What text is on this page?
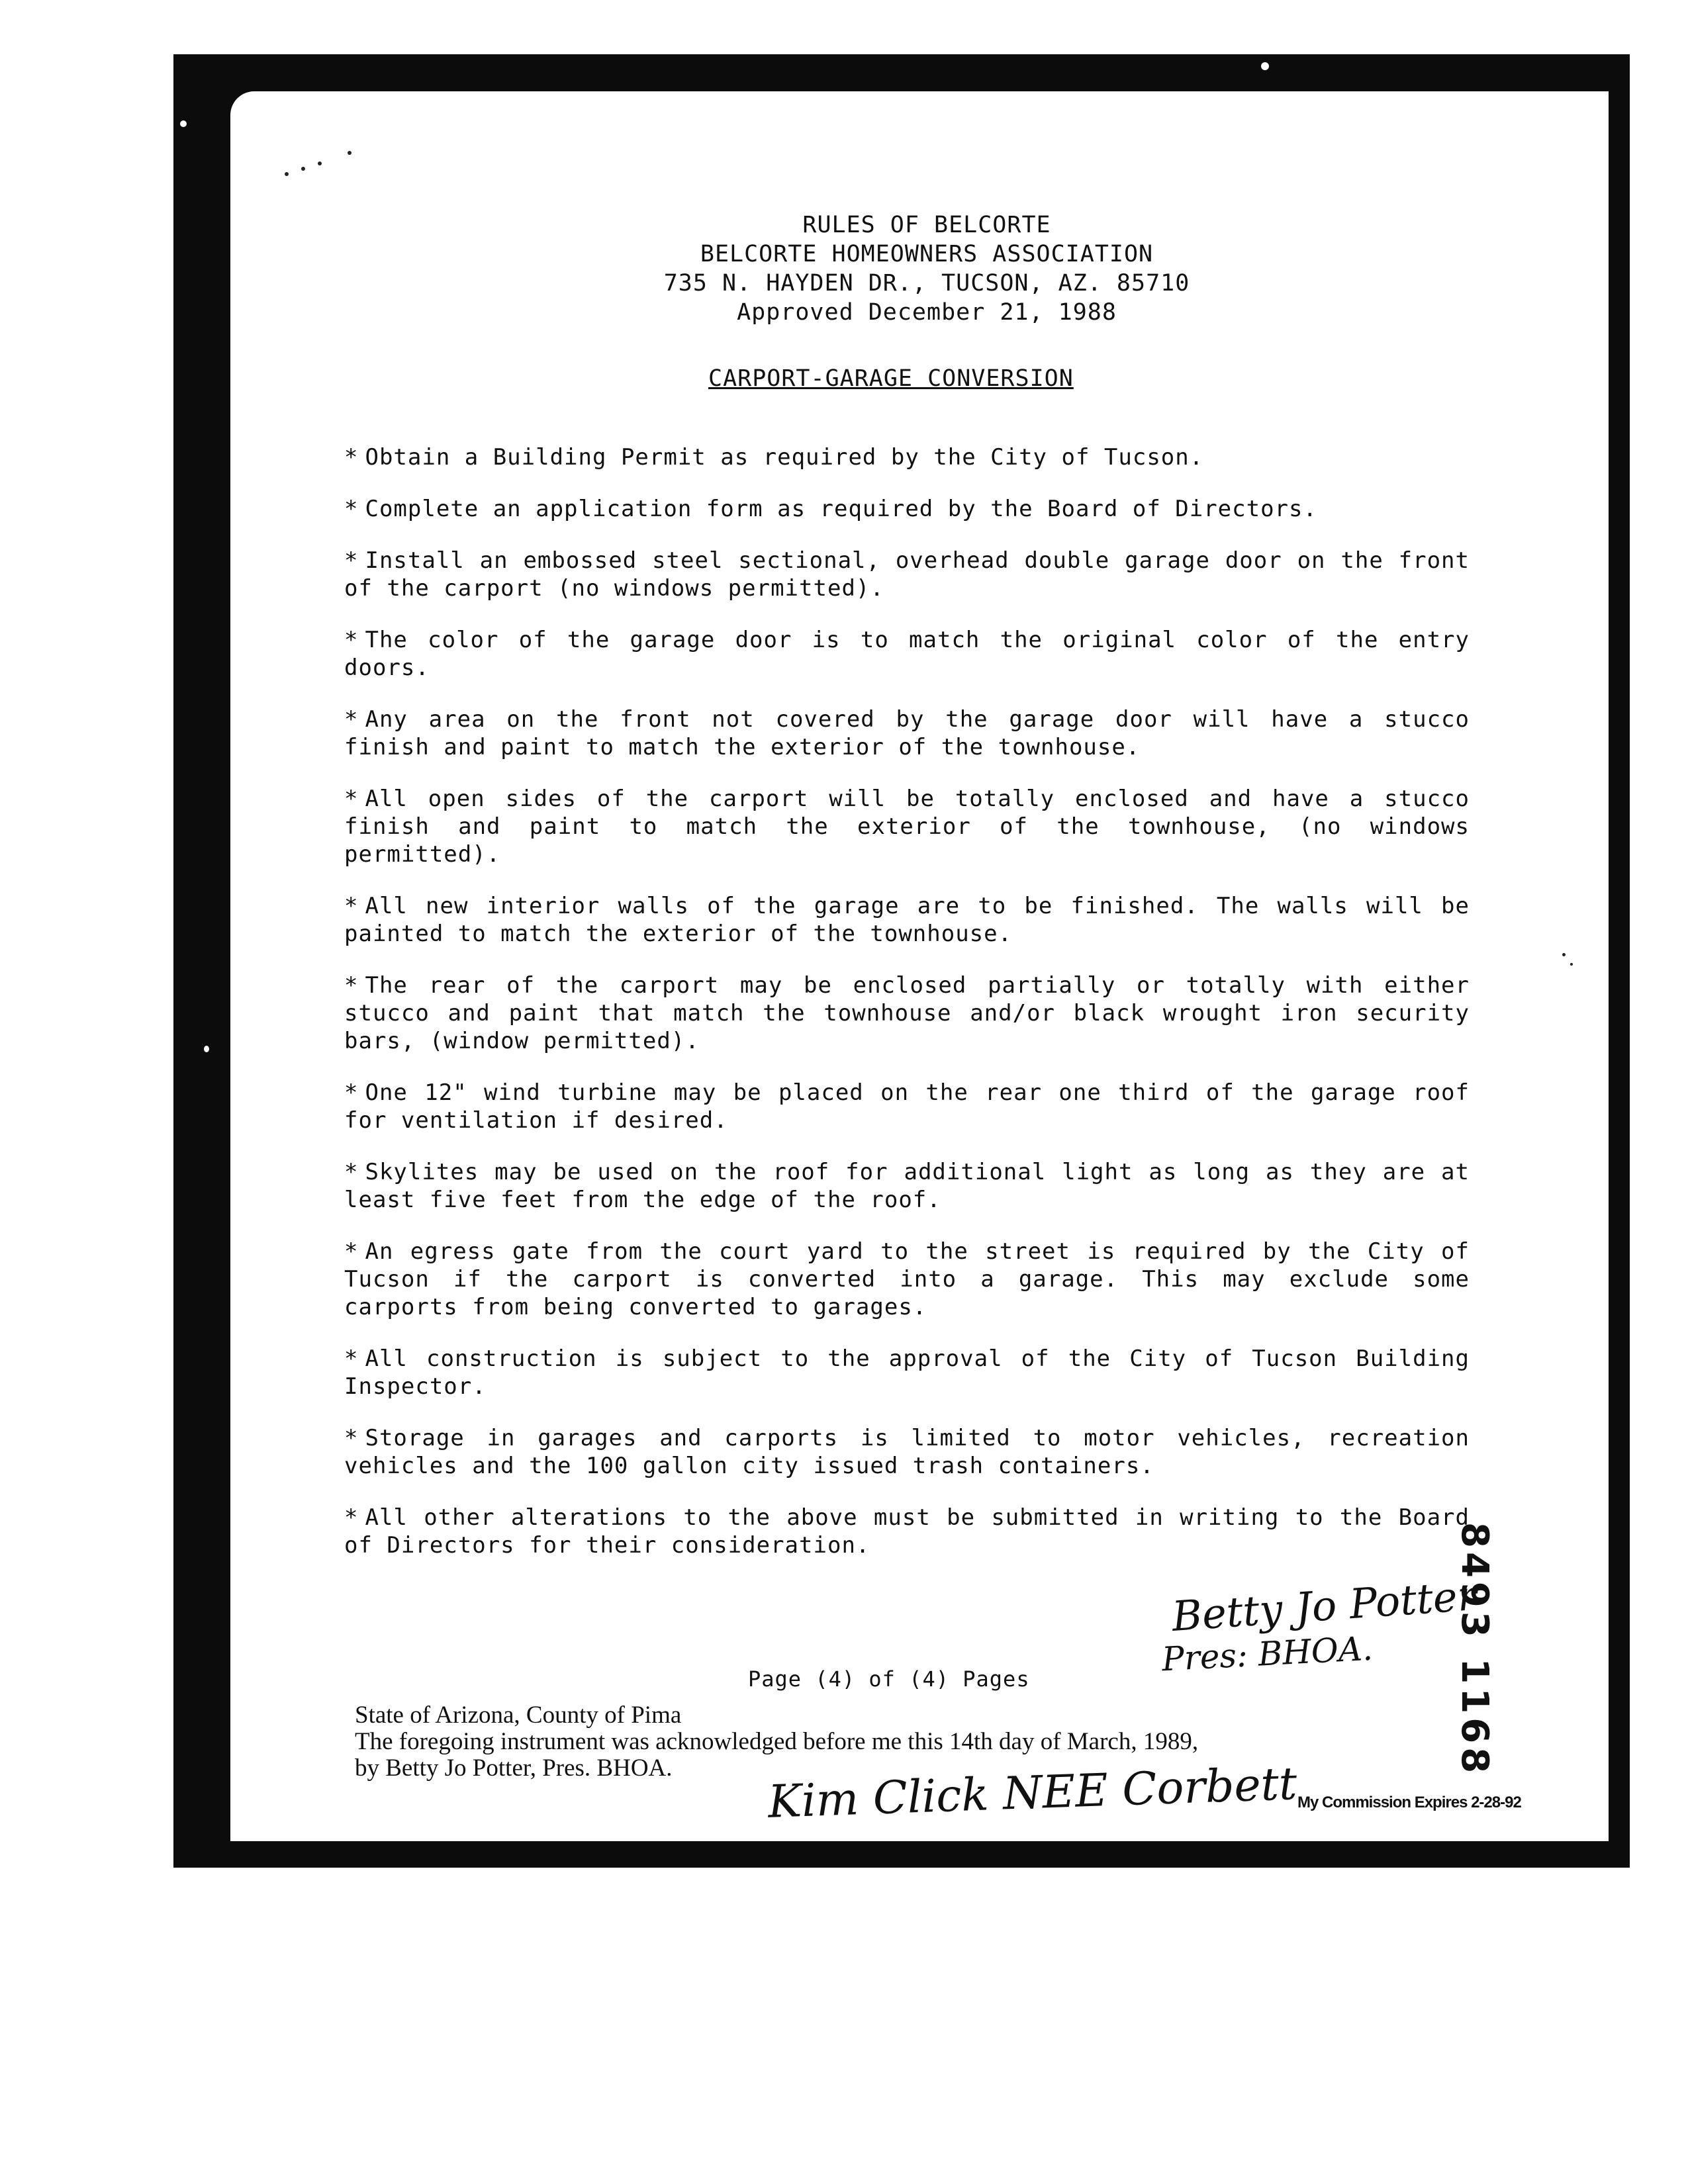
RULES OF BELCORTE
BELCORTE HOMEOWNERS ASSOCIATION
735 N. HAYDEN DR., TUCSON, AZ. 85710
Approved December 21, 1988
CARPORT-GARAGE CONVERSION
* Obtain a Building Permit as required by the City of Tucson.
* Complete an application form as required by the Board of Directors.
* Install an embossed steel sectional, overhead double garage door on the front of the carport (no windows permitted).
* The color of the garage door is to match the original color of the entry doors.
* Any area on the front not covered by the garage door will have a stucco finish and paint to match the exterior of the townhouse.
* All open sides of the carport will be totally enclosed and have a stucco finish and paint to match the exterior of the townhouse, (no windows permitted).
* All new interior walls of the garage are to be finished. The walls will be painted to match the exterior of the townhouse.
* The rear of the carport may be enclosed partially or totally with either stucco and paint that match the townhouse and/or black wrought iron security bars, (window permitted).
* One 12" wind turbine may be placed on the rear one third of the garage roof for ventilation if desired.
* Skylites may be used on the roof for additional light as long as they are at least five feet from the edge of the roof.
* An egress gate from the court yard to the street is required by the City of Tucson if the carport is converted into a garage. This may exclude some carports from being converted to garages.
* All construction is subject to the approval of the City of Tucson Building Inspector.
* Storage in garages and carports is limited to motor vehicles, recreation vehicles and the 100 gallon city issued trash containers.
* All other alterations to the above must be submitted in writing to the Board of Directors for their consideration.
Betty Jo Potter
Pres: BHOA.
Page (4) of (4) Pages
State of Arizona, County of Pima
The foregoing instrument was acknowledged before me this 14th day of March, 1989,
by Betty Jo Potter, Pres. BHOA.	Kim Click NEE Corbett My Commission Expires 2-28-92
8493 1168
